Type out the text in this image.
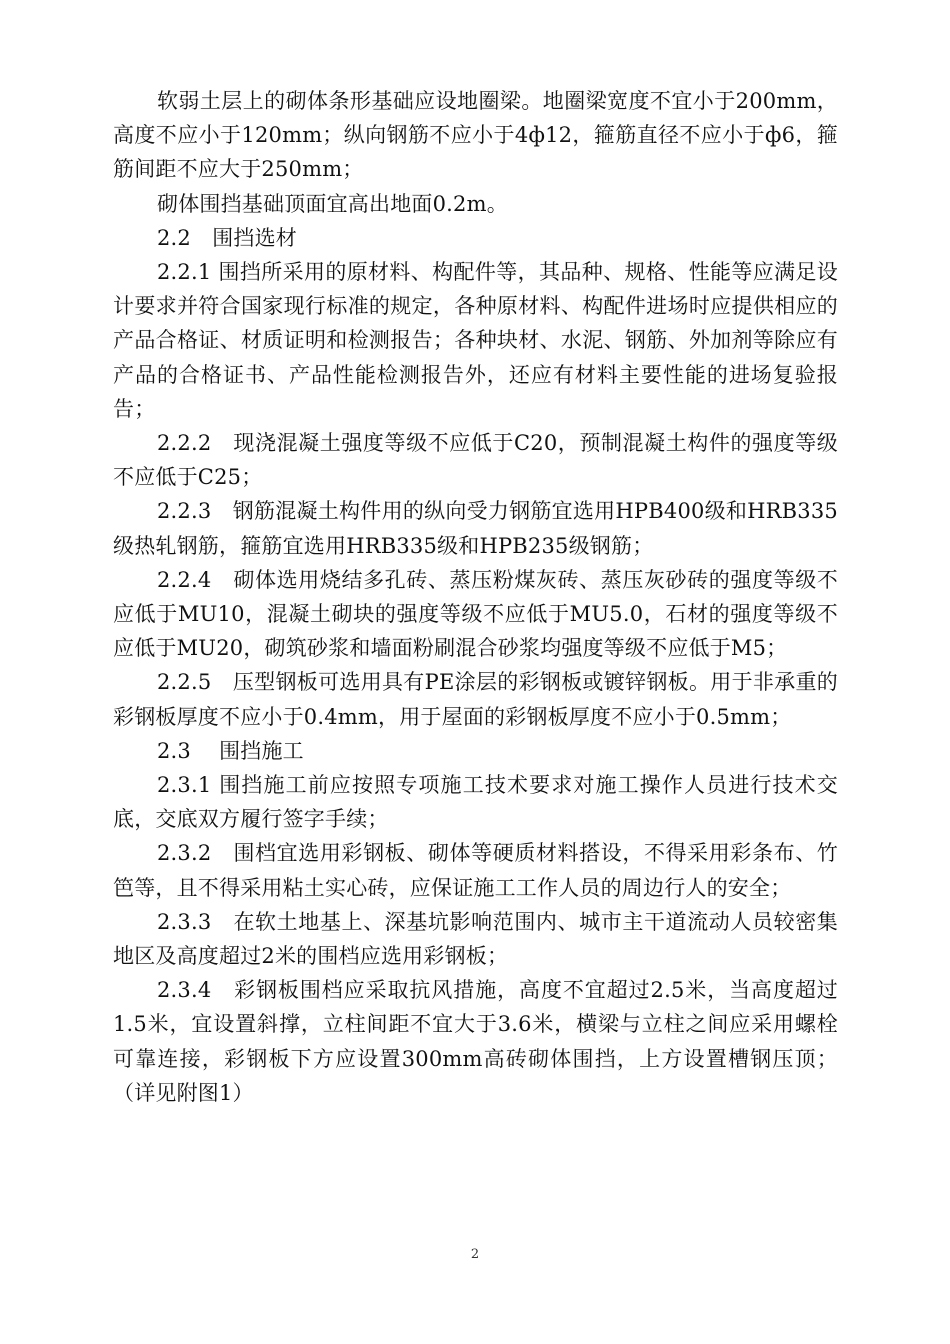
软弱土层上的砌体条形基础应设地圈梁。地圈梁宽度不宜小于200mm，高度不应小于120mm；纵向钢筋不应小于4ф12，箍筋直径不应小于ф6，箍筋间距不应大于250mm；

砌体围挡基础顶面宜高出地面0.2m。

2.2　围挡选材

2.2.1 围挡所采用的原材料、构配件等，其品种、规格、性能等应满足设计要求并符合国家现行标准的规定，各种原材料、构配件进场时应提供相应的产品合格证、材质证明和检测报告；各种块材、水泥、钢筋、外加剂等除应有产品的合格证书、产品性能检测报告外，还应有材料主要性能的进场复验报告；

2.2.2　现浇混凝土强度等级不应低于C20，预制混凝土构件的强度等级不应低于C25；

2.2.3　钢筋混凝土构件用的纵向受力钢筋宜选用HPB400级和HRB335级热轧钢筋，箍筋宜选用HRB335级和HPB235级钢筋；

2.2.4　砌体选用烧结多孔砖、蒸压粉煤灰砖、蒸压灰砂砖的强度等级不应低于MU10，混凝土砌块的强度等级不应低于MU5.0，石材的强度等级不应低于MU20，砌筑砂浆和墙面粉刷混合砂浆均强度等级不应低于M5；

2.2.5　压型钢板可选用具有PE涂层的彩钢板或镀锌钢板。用于非承重的彩钢板厚度不应小于0.4mm，用于屋面的彩钢板厚度不应小于0.5mm；

2.3　 围挡施工

2.3.1 围挡施工前应按照专项施工技术要求对施工操作人员进行技术交底，交底双方履行签字手续；

2.3.2　围档宜选用彩钢板、砌体等硬质材料搭设，不得采用彩条布、竹笆等，且不得采用粘土实心砖，应保证施工工作人员的周边行人的安全；

2.3.3　在软土地基上、深基坑影响范围内、城市主干道流动人员较密集地区及高度超过2米的围档应选用彩钢板；

2.3.4　彩钢板围档应采取抗风措施，高度不宜超过2.5米，当高度超过1.5米，宜设置斜撑，立柱间距不宜大于3.6米，横梁与立柱之间应采用螺栓可靠连接，彩钢板下方应设置300mm高砖砌体围挡，上方设置槽钢压顶；（详见附图1）

2
